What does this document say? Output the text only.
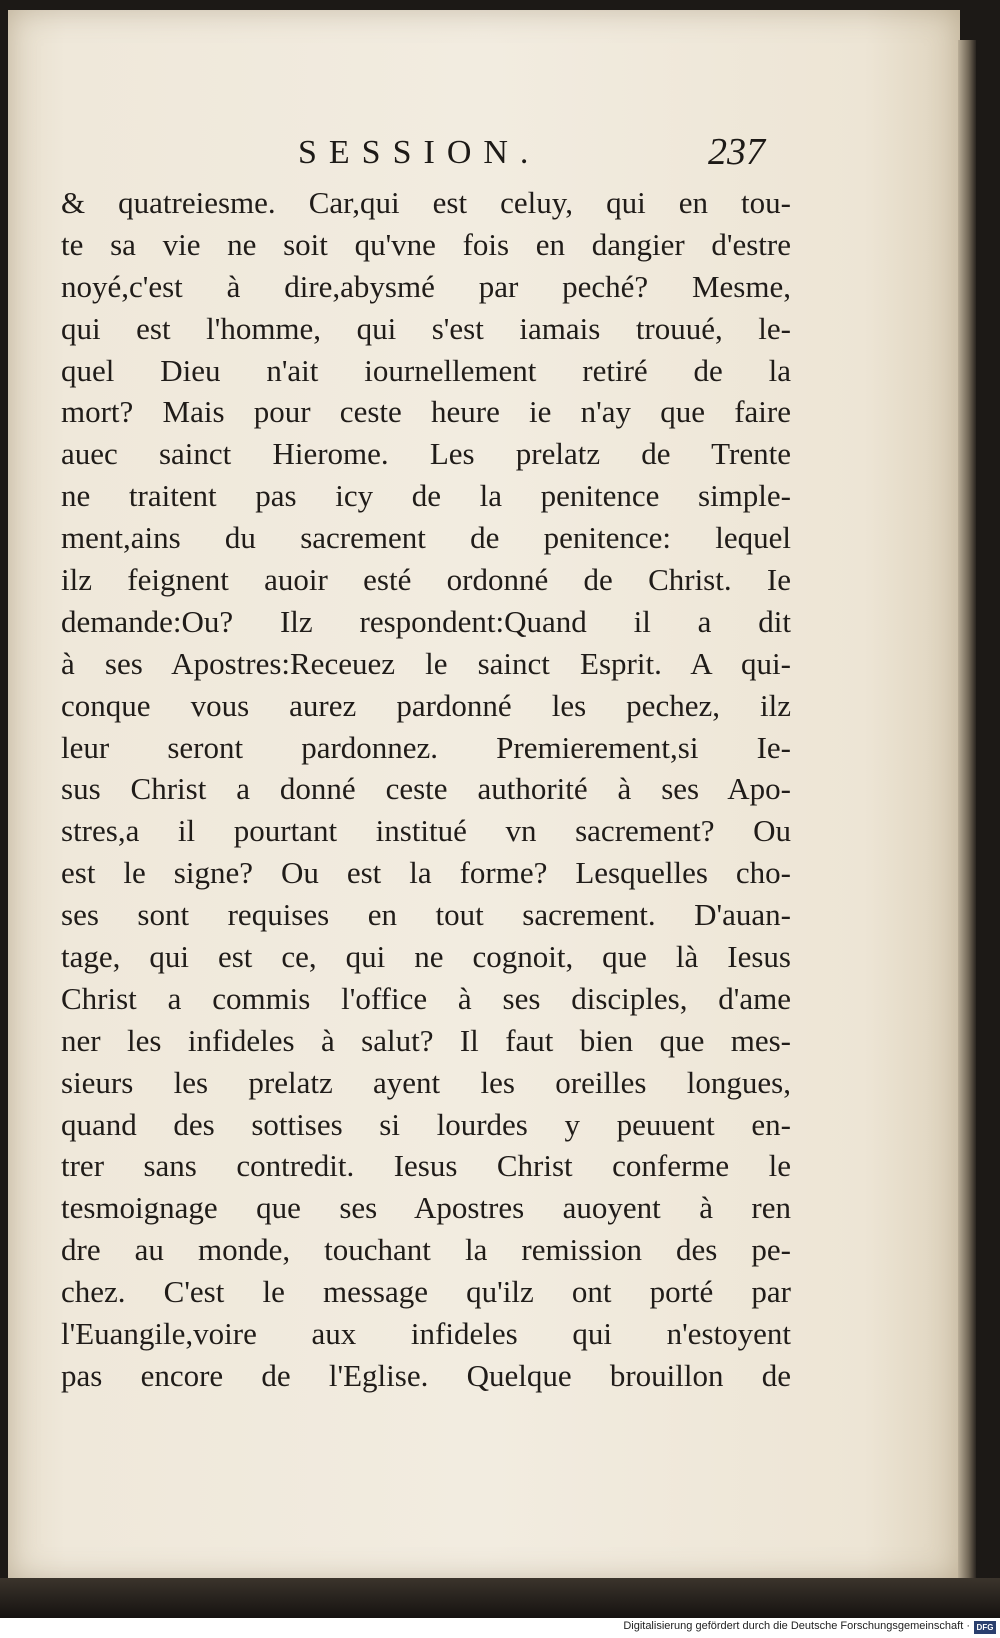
SESSION.	237
& quatreiesme. Car,qui est celuy, qui en tou-
te sa vie ne soit qu'vne fois en dangier d'estre
noyé,c'est à dire,abysmé par peché? Mesme,
qui est l'homme, qui s'est iamais trouué, le-
quel Dieu n'ait iournellement retiré de la
mort? Mais pour ceste heure ie n'ay que faire
auec sainct Hierome. Les prelatz de Trente
ne traitent pas icy de la penitence simple-
ment,ains du sacrement de penitence: lequel
ilz feignent auoir esté ordonné de Christ. Ie
demande:Ou? Ilz respondent:Quand il a dit
à ses Apostres:Receuez le sainct Esprit. A qui-
conque vous aurez pardonné les pechez, ilz
leur seront pardonnez. Premierement,si Ie-
sus Christ a donné ceste authorité à ses Apo-
stres,a il pourtant institué vn sacrement? Ou
est le signe? Ou est la forme? Lesquelles cho-
ses sont requises en tout sacrement. D'auan-
tage, qui est ce, qui ne cognoit, que là Iesus
Christ a commis l'office à ses disciples, d'ame
ner les infideles à salut? Il faut bien que mes-
sieurs les prelatz ayent les oreilles longues,
quand des sottises si lourdes y peuuent en-
trer sans contredit. Iesus Christ conferme le
tesmoignage que ses Apostres auoyent à ren
dre au monde, touchant la remission des pe-
chez. C'est le message qu'ilz ont porté par
l'Euangile,voire aux infideles qui n'estoyent
pas encore de l'Eglise. Quelque brouillon de
Digitalisierung gefördert durch die Deutsche Forschungsgemeinschaft · DFG
